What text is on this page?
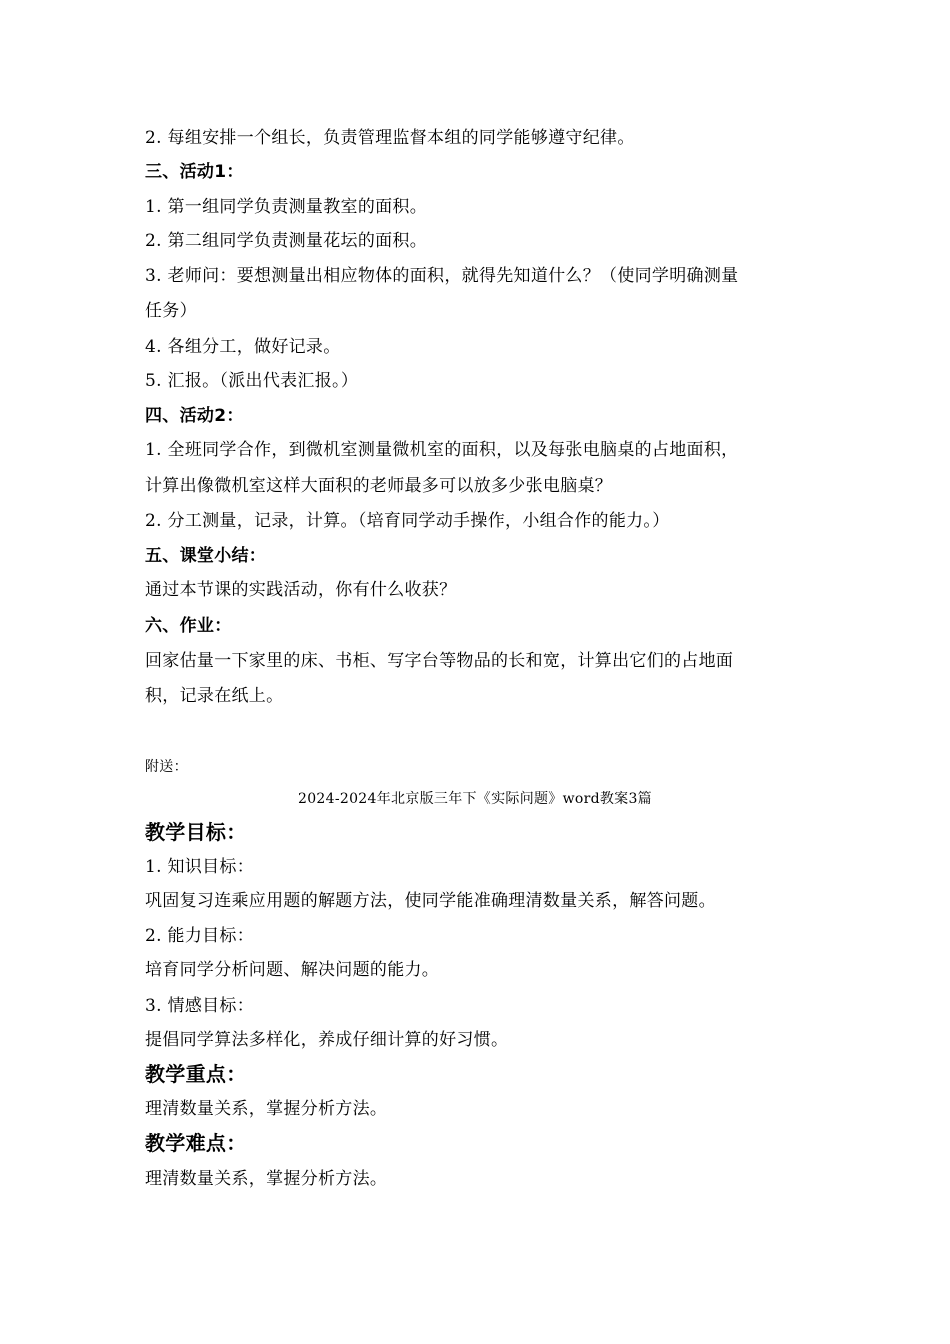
2. 每组安排一个组长，负责管理监督本组的同学能够遵守纪律。
三、活动1：
1. 第一组同学负责测量教室的面积。
2. 第二组同学负责测量花坛的面积。
3. 老师问：要想测量出相应物体的面积，就得先知道什么？（使同学明确测量
任务）
4. 各组分工，做好记录。
5. 汇报。（派出代表汇报。）
四、活动2：
1. 全班同学合作，到微机室测量微机室的面积，以及每张电脑桌的占地面积，
计算出像微机室这样大面积的老师最多可以放多少张电脑桌？
2. 分工测量，记录，计算。（培育同学动手操作，小组合作的能力。）
五、课堂小结：
通过本节课的实践活动，你有什么收获？
六、作业：
回家估量一下家里的床、书柜、写字台等物品的长和宽，计算出它们的占地面
积，记录在纸上。
附送：
2024-2024年北京版三年下《实际问题》word教案3篇
教学目标：
1. 知识目标：
巩固复习连乘应用题的解题方法，使同学能准确理清数量关系，解答问题。
2. 能力目标：
培育同学分析问题、解决问题的能力。
3. 情感目标：
提倡同学算法多样化，养成仔细计算的好习惯。
教学重点：
理清数量关系，掌握分析方法。
教学难点：
理清数量关系，掌握分析方法。
